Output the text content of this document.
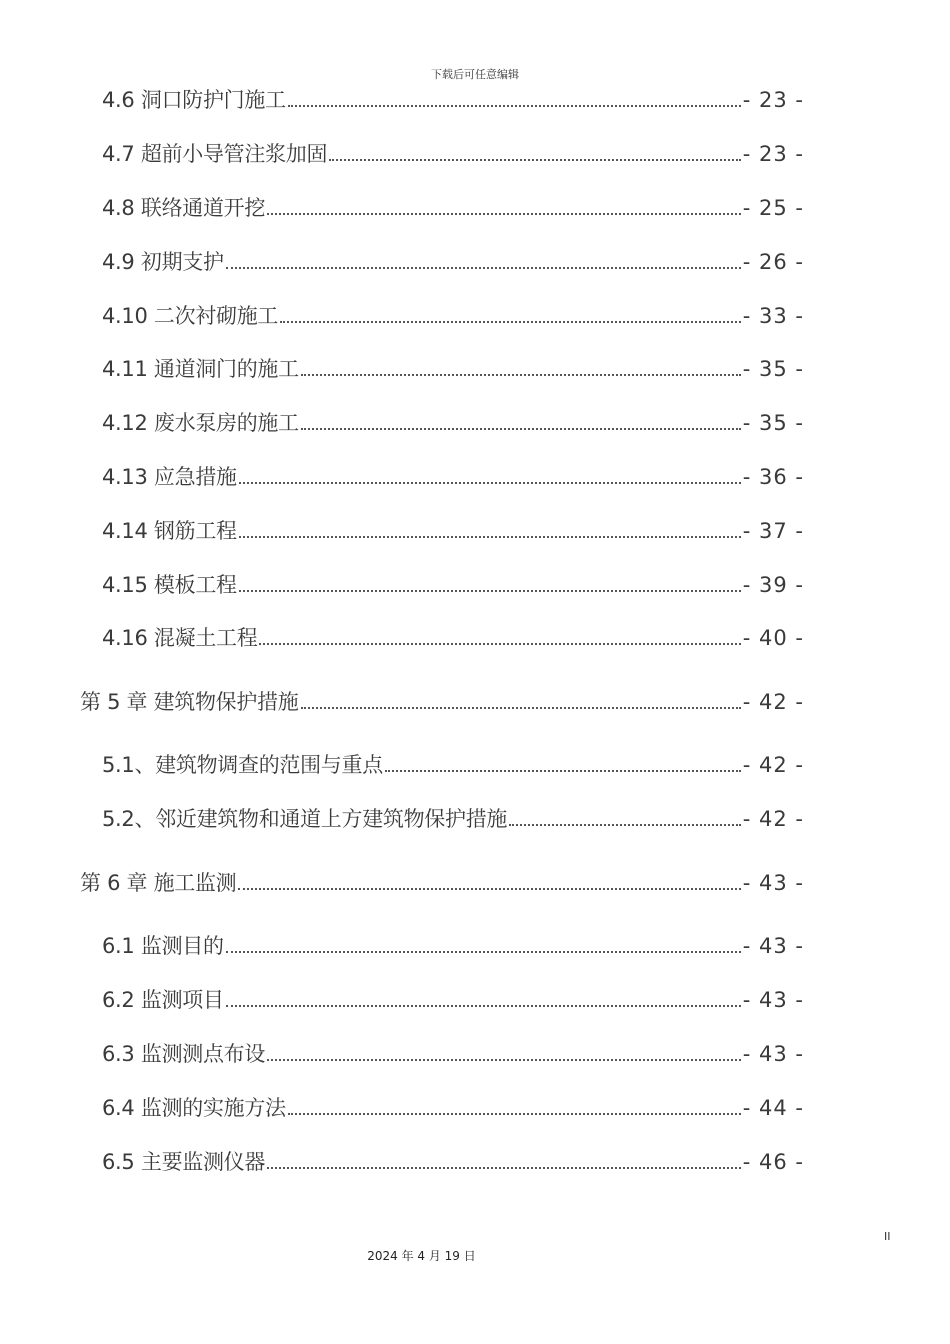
下载后可任意编辑
4.6 洞口防护门施工	- 23 -
4.7 超前小导管注浆加固	- 23 -
4.8 联络通道开挖	- 25 -
4.9 初期支护	- 26 -
4.10 二次衬砌施工	- 33 -
4.11 通道洞门的施工	- 35 -
4.12 废水泵房的施工	- 35 -
4.13 应急措施	- 36 -
4.14 钢筋工程	- 37 -
4.15 模板工程	- 39 -
4.16 混凝土工程	- 40 -
第 5 章 建筑物保护措施	- 42 -
5.1、建筑物调查的范围与重点	- 42 -
5.2、邻近建筑物和通道上方建筑物保护措施	- 42 -
第 6 章 施工监测	- 43 -
6.1 监测目的	- 43 -
6.2 监测项目	- 43 -
6.3 监测测点布设	- 43 -
6.4 监测的实施方法	- 44 -
6.5 主要监测仪器	- 46 -
II
2024 年 4 月 19 日
